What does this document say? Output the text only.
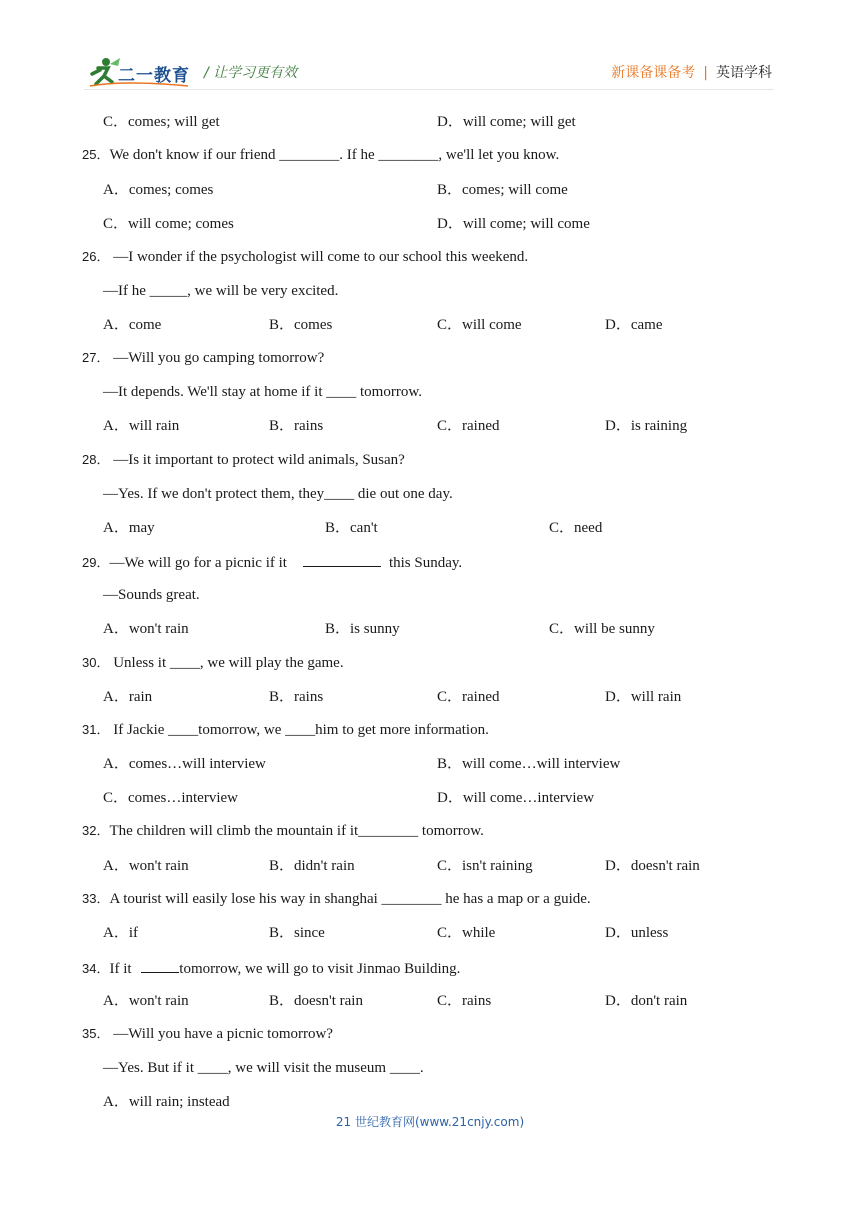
二一教育 / 让学习更有效	新课备课备考 | 英语学科
C．comes; will get	D．will come; will get
25．We don't know if our friend ________. If he ________, we'll let you know.
A．comes; comes	B．comes; will come
C．will come; comes	D．will come; will come
26． —I wonder if the psychologist will come to our school this weekend.
—If he _____, we will be very excited.
A．come	B．comes	C．will come	D．came
27． —Will you go camping tomorrow?
—It depends. We'll stay at home if it ____ tomorrow.
A．will rain	B．rains	C．rained	D．is raining
28． —Is it important to protect wild animals, Susan?
—Yes. If we don't protect them, they____ die out one day.
A．may	B．can't	C．need
29．—We will go for a picnic if it	this Sunday.
—Sounds great.
A．won't rain	B．is sunny	C．will be sunny
30． Unless it ____, we will play the game.
A．rain	B．rains	C．rained	D．will rain
31． If Jackie ____tomorrow, we ____him to get more information.
A．comes…will interview	B．will come…will interview
C．comes…interview	D．will come…interview
32．The children will climb the mountain if it________ tomorrow.
A．won't rain	B．didn't rain	C．isn't raining	D．doesn't rain
33．A tourist will easily lose his way in shanghai ________ he has a map or a guide.
A．if	B．since	C．while	D．unless
34．If it	tomorrow, we will go to visit Jinmao Building.
A．won't rain	B．doesn't rain	C．rains	D．don't rain
35． —Will you have a picnic tomorrow?
—Yes. But if it ____, we will visit the museum ____.
A．will rain; instead
21 世纪教育网(www.21cnjy.com)
